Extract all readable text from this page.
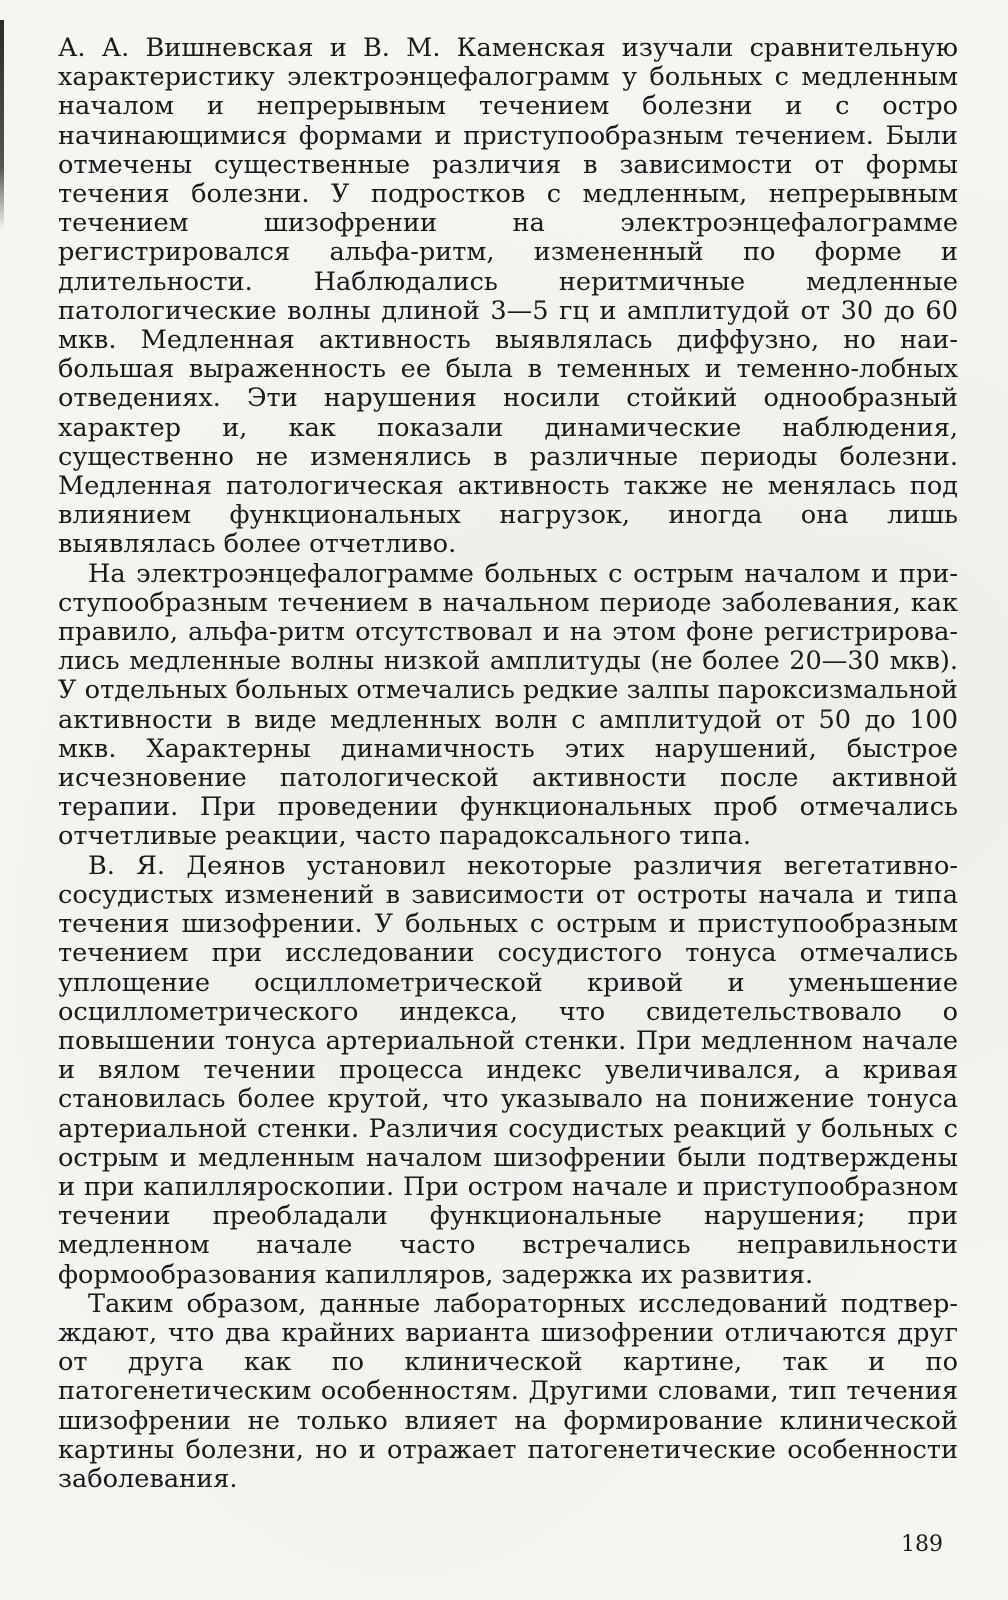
А. А. Вишневская и В. М. Каменская изучали сравнительную характеристику электроэнцефалограмм у больных с медленным началом и непрерывным течением болезни и с остро начинающимися формами и приступообразным течением. Были отмечены существенные различия в зависимости от формы течения болезни. У подростков с медленным, непрерывным течением шизофрении на электроэнцефалограмме регистрировался альфа-ритм, измененный по форме и длительности. Наблюдались неритмичные медленные патологические волны длиной 3—5 гц и амплитудой от 30 до 60 мкв. Медленная активность выявлялась диффузно, но наибольшая выраженность ее была в теменных и теменно-лобных отведениях. Эти нарушения носили стойкий однообразный характер и, как показали динамические наблюдения, существенно не изменялись в различные периоды болезни. Медленная патологическая активность также не менялась под влиянием функциональных нагрузок, иногда она лишь выявлялась более отчетливо.

На электроэнцефалограмме больных с острым началом и приступообразным течением в начальном периоде заболевания, как правило, альфа-ритм отсутствовал и на этом фоне регистрировались медленные волны низкой амплитуды (не более 20—30 мкв). У отдельных больных отмечались редкие залпы пароксизмальной активности в виде медленных волн с амплитудой от 50 до 100 мкв. Характерны динамичность этих нарушений, быстрое исчезновение патологической активности после активной терапии. При проведении функциональных проб отмечались отчетливые реакции, часто парадоксального типа.

В. Я. Деянов установил некоторые различия вегетативно-сосудистых изменений в зависимости от остроты начала и типа течения шизофрении. У больных с острым и приступообразным течением при исследовании сосудистого тонуса отмечались уплощение осциллометрической кривой и уменьшение осциллометрического индекса, что свидетельствовало о повышении тонуса артериальной стенки. При медленном начале и вялом течении процесса индекс увеличивался, а кривая становилась более крутой, что указывало на понижение тонуса артериальной стенки. Различия сосудистых реакций у больных с острым и медленным началом шизофрении были подтверждены и при капилляроскопии. При остром начале и приступообразном течении преобладали функциональные нарушения; при медленном начале часто встречались неправильности формообразования капилляров, задержка их развития.

Таким образом, данные лабораторных исследований подтверждают, что два крайних варианта шизофрении отличаются друг от друга как по клинической картине, так и по патогенетическим особенностям. Другими словами, тип течения шизофрении не только влияет на формирование клинической картины болезни, но и отражает патогенетические особенности заболевания.

189
